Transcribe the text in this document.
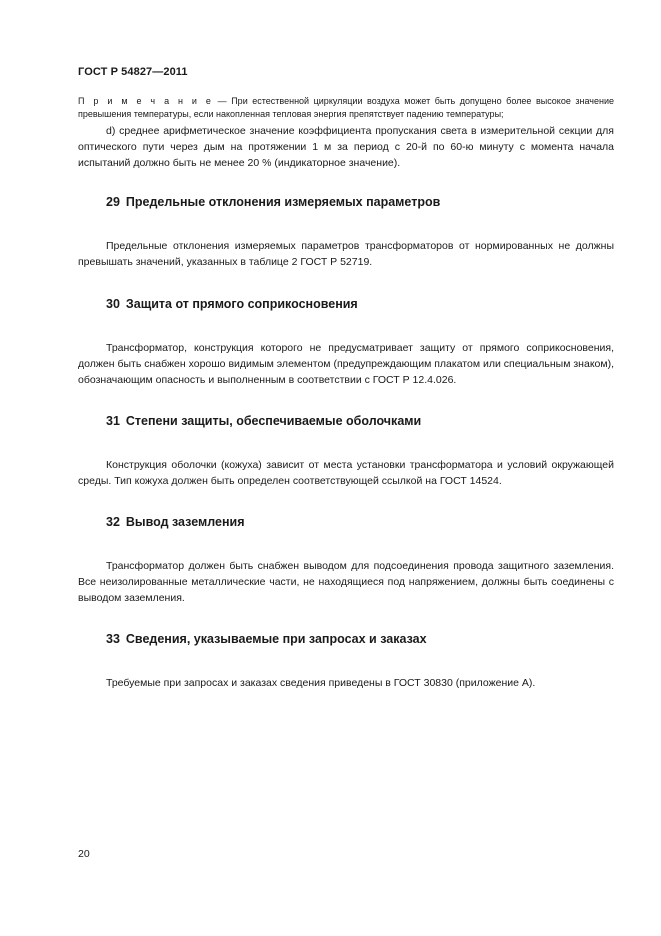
ГОСТ Р 54827—2011
П р и м е ч а н и е — При естественной циркуляции воздуха может быть допущено более высокое значение превышения температуры, если накопленная тепловая энергия препятствует падению температуры;
d) среднее арифметическое значение коэффициента пропускания света в измерительной секции для оптического пути через дым на протяжении 1 м за период с 20-й по 60-ю минуту с момента начала испытаний должно быть не менее 20 % (индикаторное значение).
29 Предельные отклонения измеряемых параметров
Предельные отклонения измеряемых параметров трансформаторов от нормированных не должны превышать значений, указанных в таблице 2 ГОСТ Р 52719.
30 Защита от прямого соприкосновения
Трансформатор, конструкция которого не предусматривает защиту от прямого соприкосновения, должен быть снабжен хорошо видимым элементом (предупреждающим плакатом или специальным знаком), обозначающим опасность и выполненным в соответствии с ГОСТ Р 12.4.026.
31 Степени защиты, обеспечиваемые оболочками
Конструкция оболочки (кожуха) зависит от места установки трансформатора и условий окружающей среды. Тип кожуха должен быть определен соответствующей ссылкой на ГОСТ 14524.
32 Вывод заземления
Трансформатор должен быть снабжен выводом для подсоединения провода защитного заземления. Все неизолированные металлические части, не находящиеся под напряжением, должны быть соединены с выводом заземления.
33 Сведения, указываемые при запросах и заказах
Требуемые при запросах и заказах сведения приведены в ГОСТ 30830 (приложение А).
20
